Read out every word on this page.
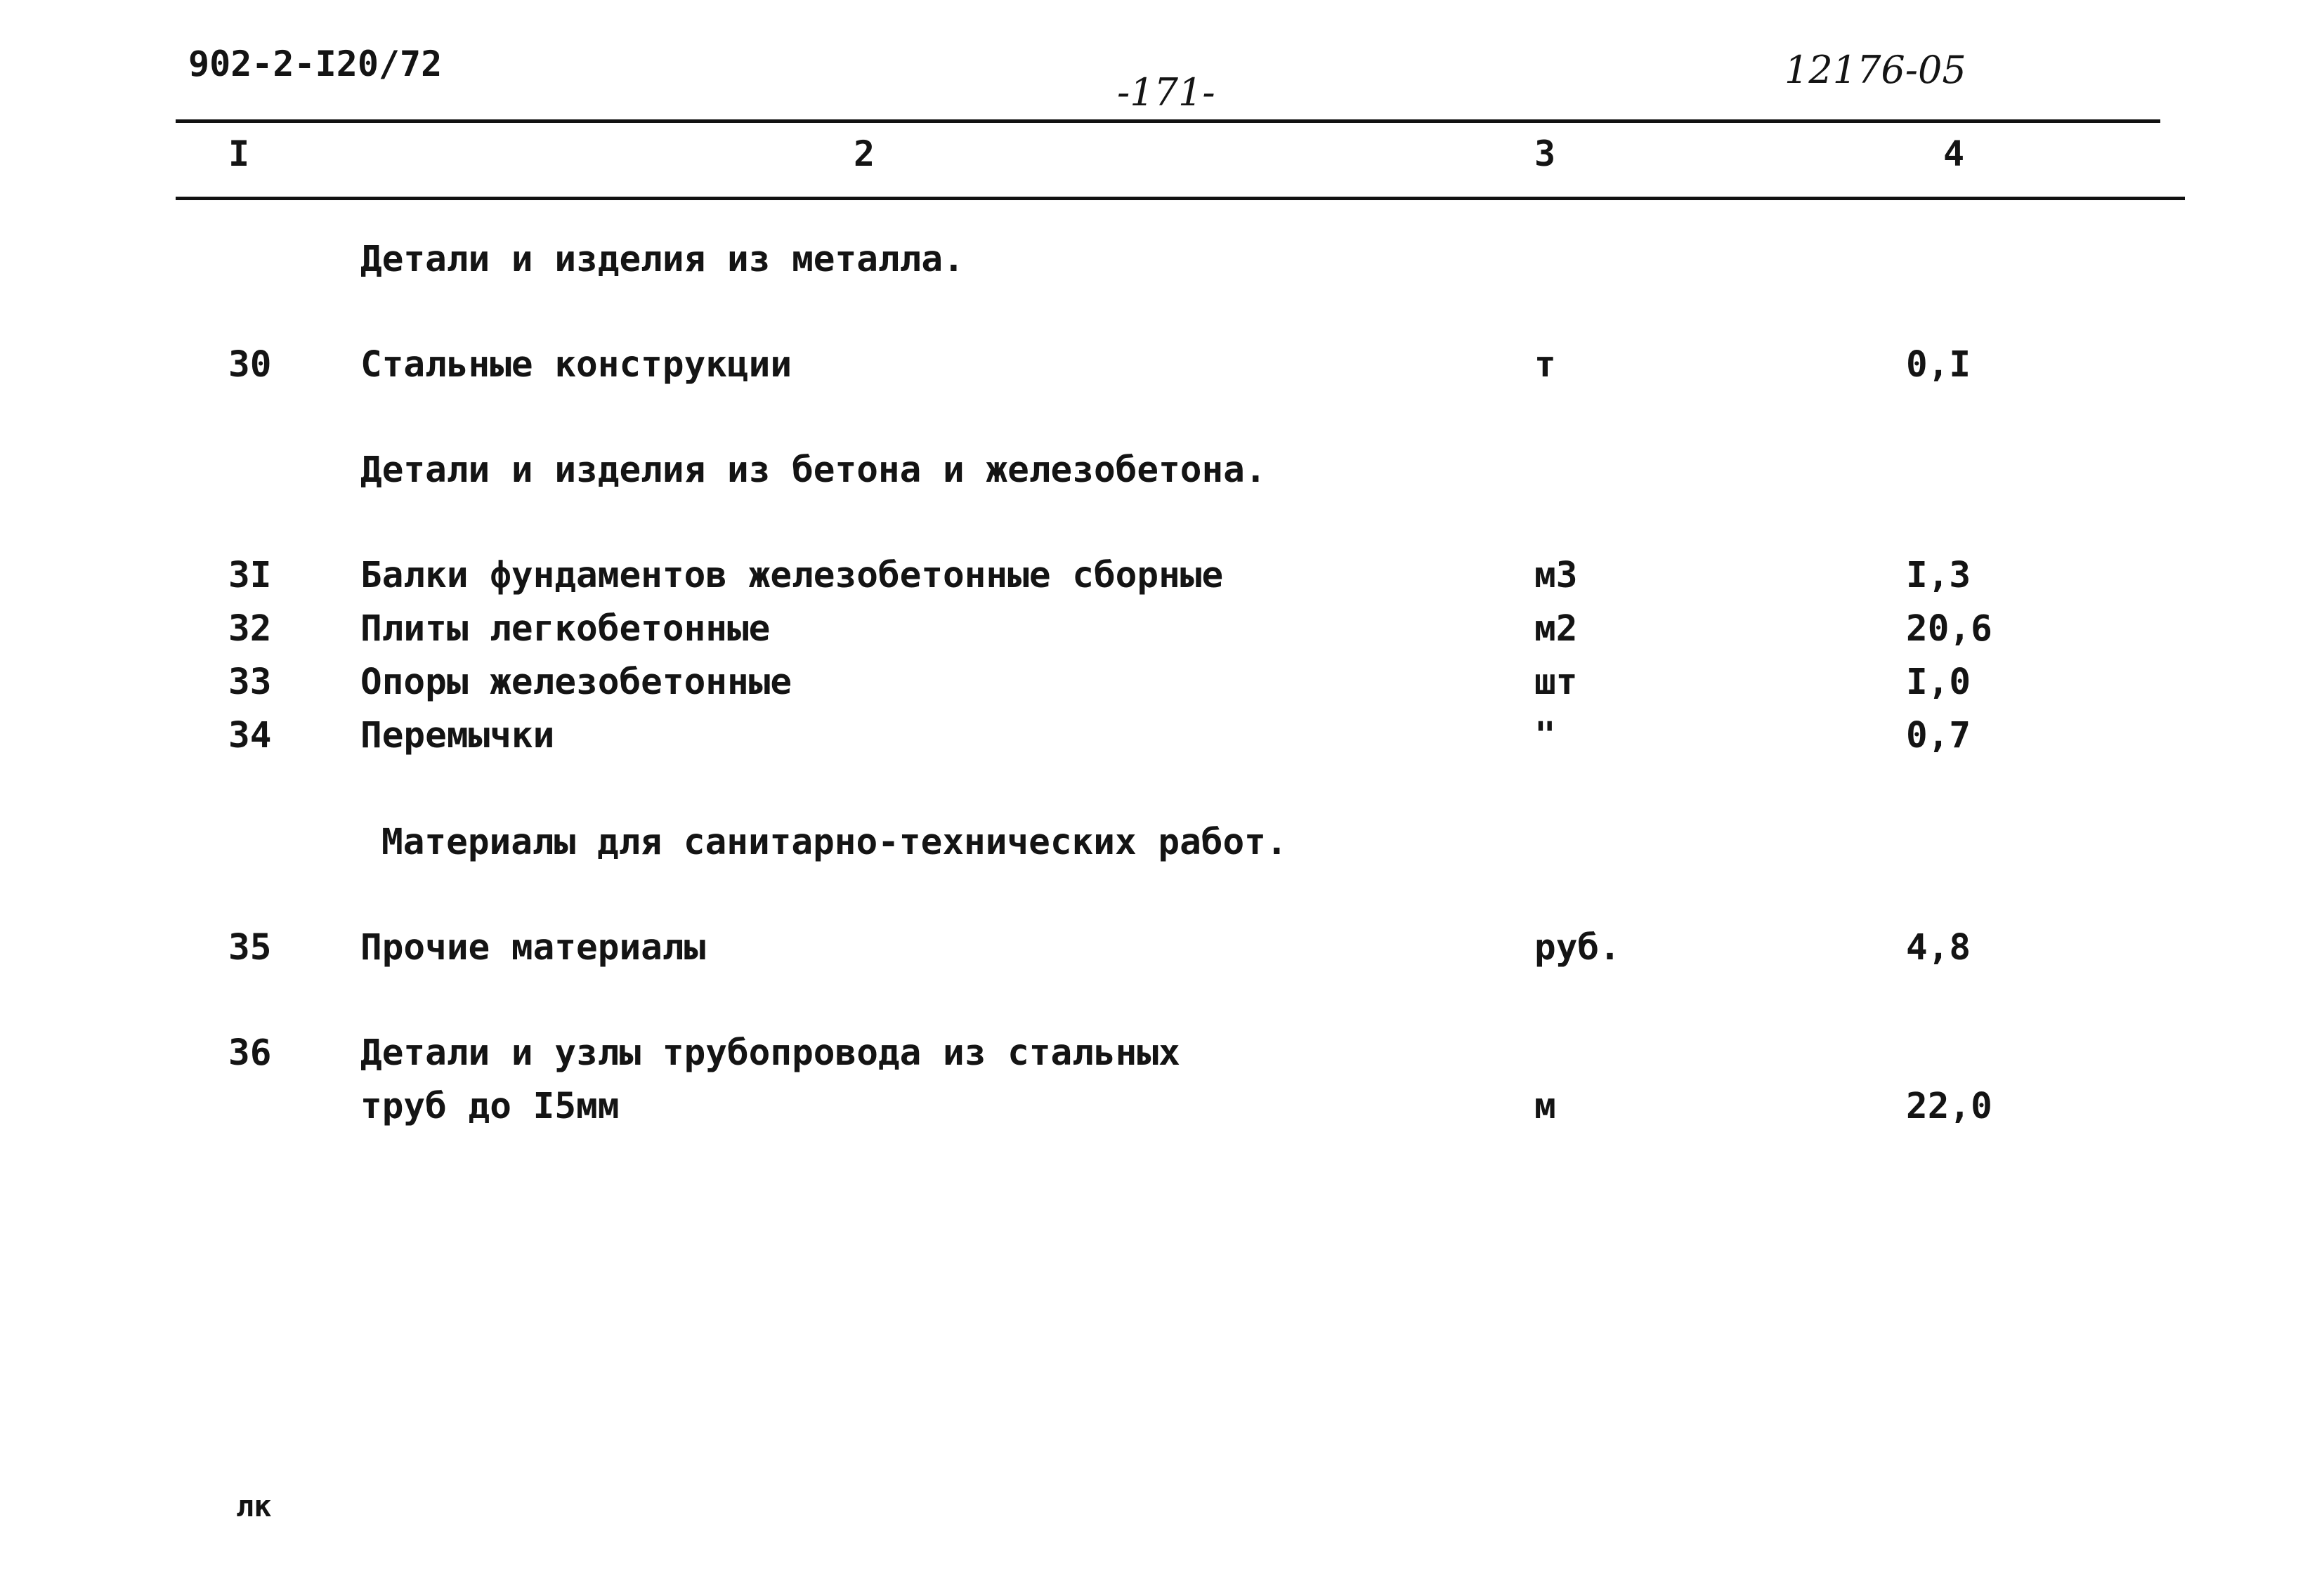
902-2-I20/72
-171-
12176-05
I	2	3	4
Детали и изделия из металла.
30 Стальные конструкции	т	0,I
Детали и изделия из бетона и железобетона.
3I Балки фундаментов железобетонные сборные	м3	I,3
32 Плиты легкобетонные	м2	20,6
33 Опоры железобетонные	шт	I,0
34 Перемычки	"	0,7
Материалы для санитарно-технических работ.
35 Прочие материалы	руб.	4,8
36 Детали и узлы трубопровода из стальных
труб до I5мм	м	22,0
лк
